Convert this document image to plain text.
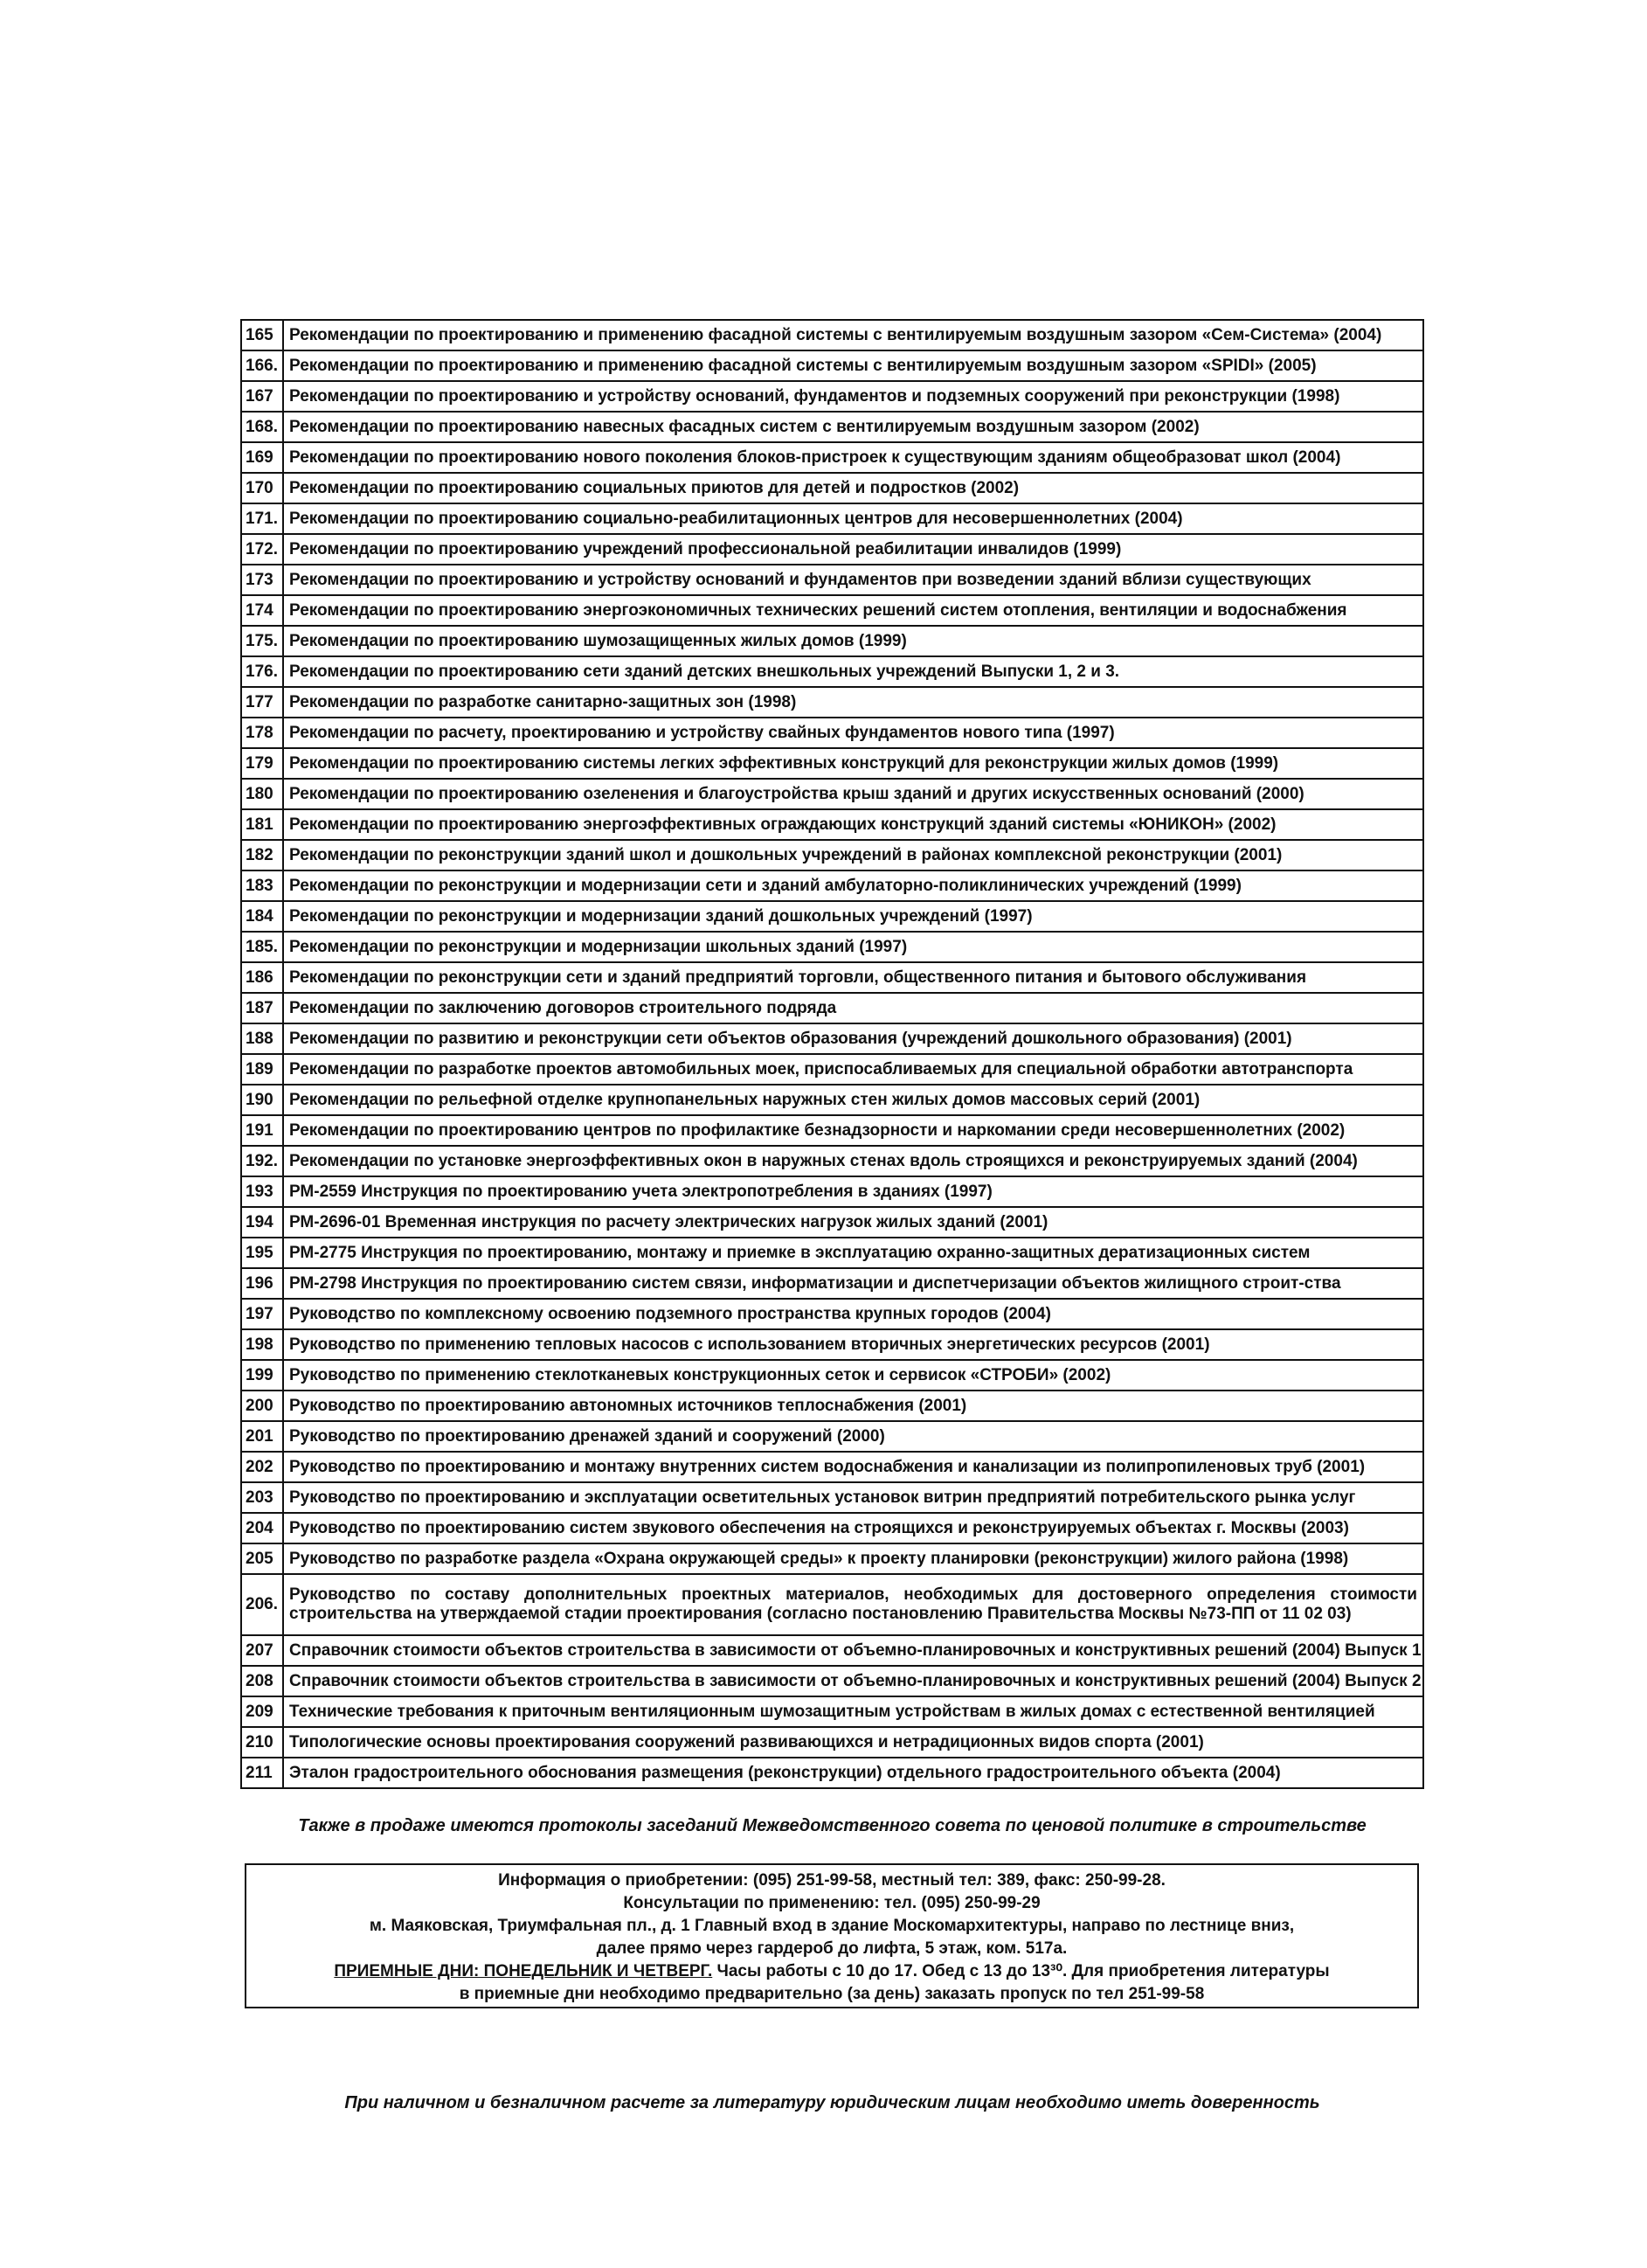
165	Рекомендации по проектированию и применению фасадной системы с вентилируемым воздушным зазором «Сем-Система» (2004)
166.	Рекомендации по проектированию и применению фасадной системы с вентилируемым воздушным зазором «SPIDI» (2005)
167	Рекомендации по проектированию и устройству оснований, фундаментов и подземных сооружений при реконструкции (1998)
168.	Рекомендации по проектированию навесных фасадных систем с вентилируемым воздушным зазором (2002)
169	Рекомендации по проектированию нового поколения блоков-пристроек к существующим зданиям общеобразоват школ (2004)
170	Рекомендации по проектированию социальных приютов для детей и подростков (2002)
171.	Рекомендации по проектированию социально-реабилитационных центров для несовершеннолетних (2004)
172.	Рекомендации по проектированию учреждений профессиональной реабилитации инвалидов (1999)
173	Рекомендации по проектированию и устройству оснований и фундаментов при возведении зданий вблизи существующих
174	Рекомендации по проектированию энергоэкономичных технических решений систем отопления, вентиляции и водоснабжения
175.	Рекомендации по проектированию шумозащищенных жилых домов (1999)
176.	Рекомендации по проектированию сети зданий детских внешкольных учреждений Выпуски 1, 2 и 3.
177	Рекомендации по разработке санитарно-защитных зон (1998)
178	Рекомендации по расчету, проектированию и устройству свайных фундаментов нового типа (1997)
179	Рекомендации по проектированию системы легких эффективных конструкций для реконструкции жилых домов (1999)
180	Рекомендации по проектированию озеленения и благоустройства крыш зданий и других искусственных оснований (2000)
181	Рекомендации по проектированию энергоэффективных ограждающих конструкций зданий системы «ЮНИКОН» (2002)
182	Рекомендации по реконструкции зданий школ и дошкольных учреждений в районах комплексной реконструкции (2001)
183	Рекомендации по реконструкции и модернизации сети и зданий амбулаторно-поликлинических учреждений (1999)
184	Рекомендации по реконструкции и модернизации зданий дошкольных учреждений (1997)
185.	Рекомендации по реконструкции и модернизации школьных зданий (1997)
186	Рекомендации по реконструкции сети и зданий предприятий торговли, общественного питания и бытового обслуживания
187	Рекомендации по заключению договоров строительного подряда
188	Рекомендации по развитию и реконструкции сети объектов образования (учреждений дошкольного образования) (2001)
189	Рекомендации по разработке проектов автомобильных моек, приспосабливаемых для специальной обработки автотранспорта
190	Рекомендации по рельефной отделке крупнопанельных наружных стен жилых домов массовых серий (2001)
191	Рекомендации по проектированию центров по профилактике безнадзорности и наркомании среди несовершеннолетних (2002)
192.	Рекомендации по установке энергоэффективных окон в наружных стенах вдоль строящихся и реконструируемых зданий (2004)
193	РМ-2559 Инструкция по проектированию учета электропотребления в зданиях (1997)
194	РМ-2696-01 Временная инструкция по расчету электрических нагрузок жилых зданий (2001)
195	РМ-2775 Инструкция по проектированию, монтажу и приемке в эксплуатацию охранно-защитных дератизационных систем
196	РМ-2798 Инструкция по проектированию систем связи, информатизации и диспетчеризации объектов жилищного строит-ства
197	Руководство по комплексному освоению подземного пространства крупных городов (2004)
198	Руководство по применению тепловых насосов с использованием вторичных энергетических ресурсов (2001)
199	Руководство по применению стеклотканевых конструкционных сеток и сервисок «СТРОБИ» (2002)
200	Руководство по проектированию автономных источников теплоснабжения (2001)
201	Руководство по проектированию дренажей зданий и сооружений (2000)
202	Руководство по проектированию и монтажу внутренних систем водоснабжения и канализации из полипропиленовых труб (2001)
203	Руководство по проектированию и эксплуатации осветительных установок витрин предприятий потребительского рынка услуг
204	Руководство по проектированию систем звукового обеспечения на строящихся и реконструируемых объектах г. Москвы (2003)
205	Руководство по разработке раздела «Охрана окружающей среды» к проекту планировки (реконструкции) жилого района (1998)
206.	Руководство по составу дополнительных проектных материалов, необходимых для достоверного определения стоимости строительства на утверждаемой стадии проектирования (согласно постановлению Правительства Москвы №73-ПП от 11 02 03)
207	Справочник стоимости объектов строительства в зависимости от объемно-планировочных и конструктивных решений (2004) Выпуск 1
208	Справочник стоимости объектов строительства в зависимости от объемно-планировочных и конструктивных решений (2004) Выпуск 2
209	Технические требования к приточным вентиляционным шумозащитным устройствам в жилых домах с естественной вентиляцией
210	Типологические основы проектирования сооружений развивающихся и нетрадиционных видов спорта (2001)
211	Эталон градостроительного обоснования размещения (реконструкции) отдельного градостроительного объекта (2004)
Также в продаже имеются протоколы заседаний Межведомственного совета по ценовой политике в строительстве
Информация о приобретении: (095) 251-99-58, местный тел: 389, факс: 250-99-28.
Консультации по применению: тел. (095) 250-99-29
м. Маяковская, Триумфальная пл., д. 1 Главный вход в здание Москомархитектуры, направо по лестнице вниз,
далее прямо через гардероб до лифта, 5 этаж, ком. 517а.
ПРИЕМНЫЕ ДНИ: ПОНЕДЕЛЬНИК И ЧЕТВЕРГ. Часы работы с 10 до 17. Обед с 13 до 13³⁰. Для приобретения литературы
в приемные дни необходимо предварительно (за день) заказать пропуск по тел 251-99-58
При наличном и безналичном расчете за литературу юридическим лицам необходимо иметь доверенность
